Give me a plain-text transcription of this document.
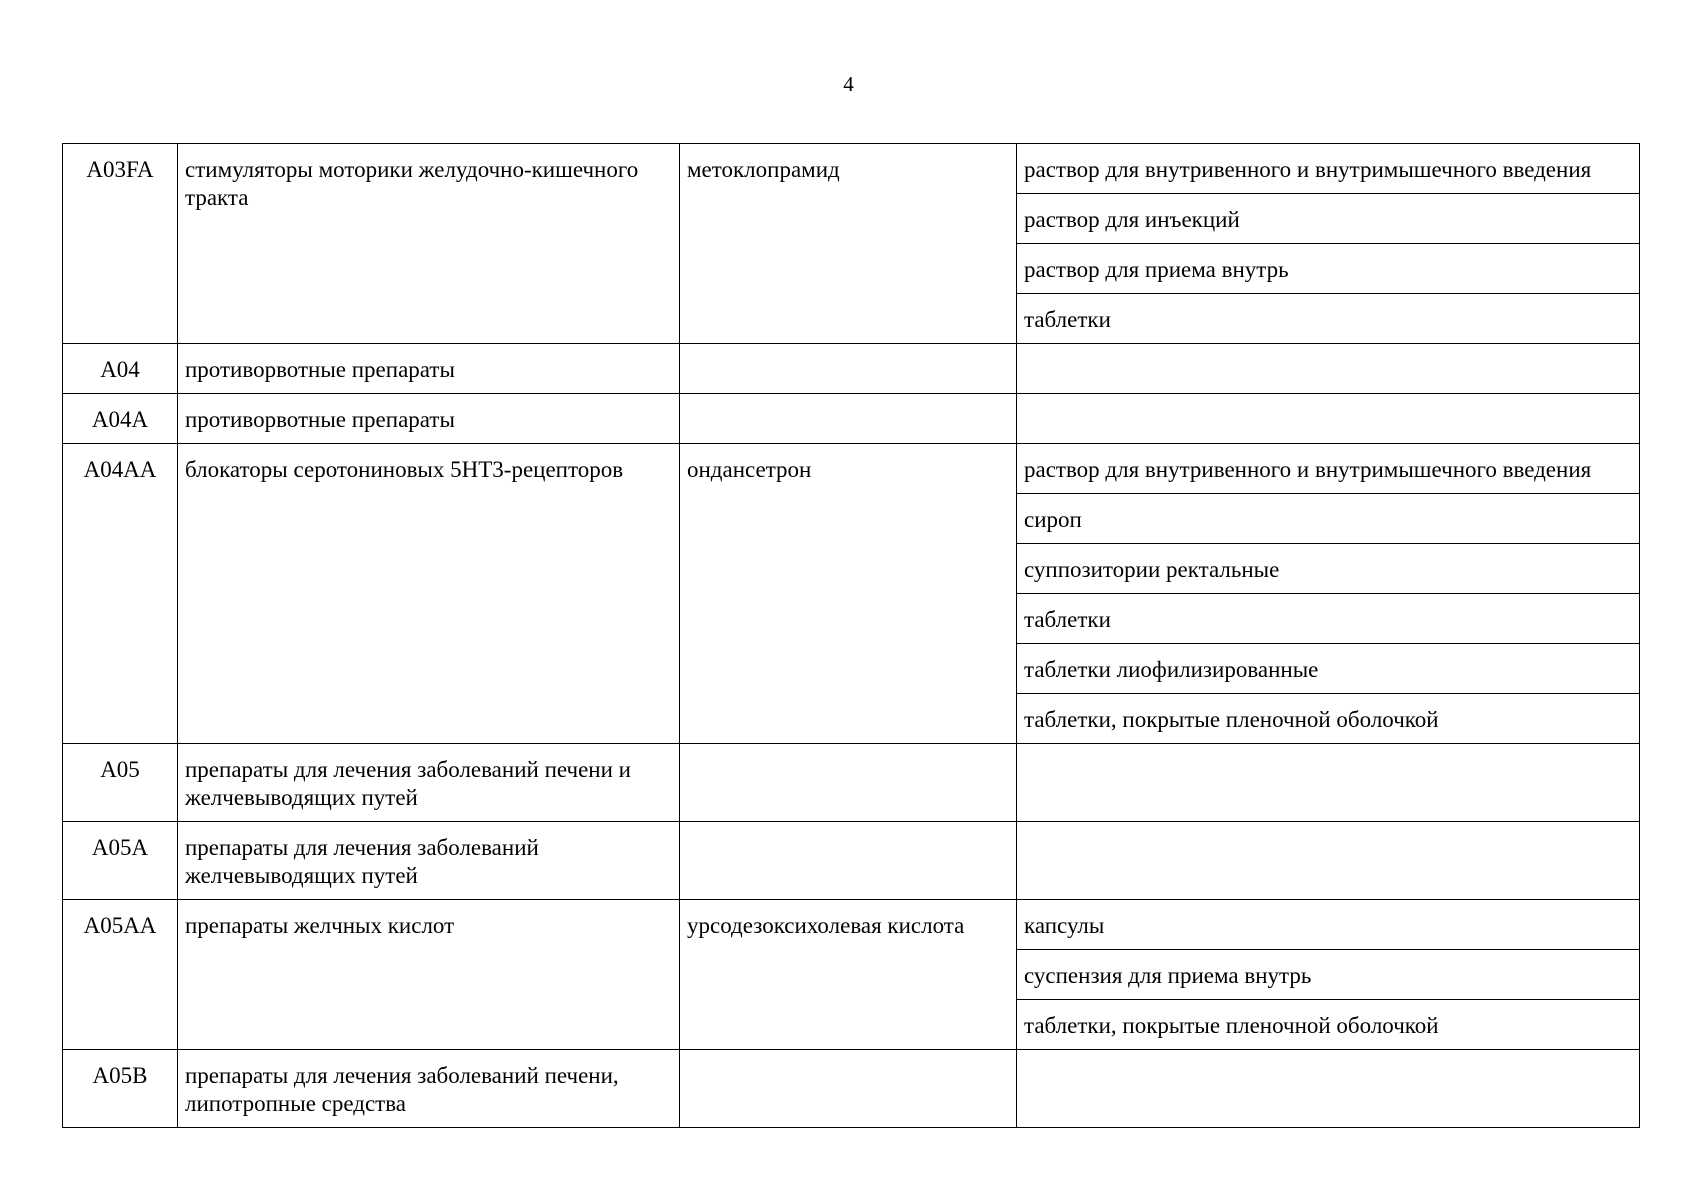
4
A03FA	стимуляторы моторики желудочно-кишечного тракта	метоклопрамид	раствор для внутривенного и внутримышечного введения
			раствор для инъекций
			раствор для приема внутрь
			таблетки
A04	противорвотные препараты		
A04A	противорвотные препараты		
A04AA	блокаторы серотониновых 5HT3-рецепторов	ондансетрон	раствор для внутривенного и внутримышечного введения
			сироп
			суппозитории ректальные
			таблетки
			таблетки лиофилизированные
			таблетки, покрытые пленочной оболочкой
A05	препараты для лечения заболеваний печени и желчевыводящих путей		
A05A	препараты для лечения заболеваний желчевыводящих путей		
A05AA	препараты желчных кислот	урсодезоксихолевая кислота	капсулы
			суспензия для приема внутрь
			таблетки, покрытые пленочной оболочкой
A05B	препараты для лечения заболеваний печени, липотропные средства		
